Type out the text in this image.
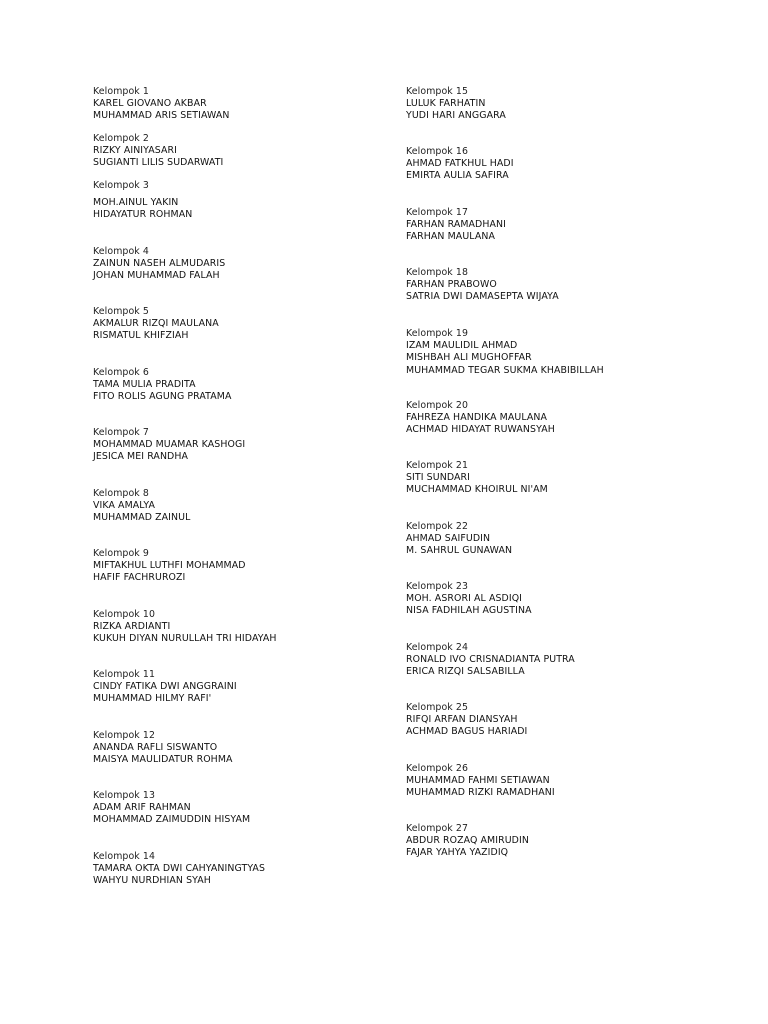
Kelompok 1
KAREL GIOVANO AKBAR
MUHAMMAD ARIS SETIAWAN
Kelompok 2
RIZKY AINIYASARI
SUGIANTI LILIS SUDARWATI
Kelompok 3
MOH.AINUL YAKIN
HIDAYATUR ROHMAN
Kelompok 4
ZAINUN NASEH ALMUDARIS
JOHAN MUHAMMAD FALAH
Kelompok 5
AKMALUR RIZQI MAULANA
RISMATUL KHIFZIAH
Kelompok 6
TAMA MULIA PRADITA
FITO ROLIS AGUNG PRATAMA
Kelompok 7
MOHAMMAD MUAMAR KASHOGI
JESICA MEI RANDHA
Kelompok 8
VIKA AMALYA
MUHAMMAD ZAINUL
Kelompok 9
MIFTAKHUL LUTHFI MOHAMMAD
HAFIF FACHRUROZI
Kelompok 10
RIZKA ARDIANTI
KUKUH DIYAN NURULLAH TRI HIDAYAH
Kelompok 11
CINDY FATIKA DWI ANGGRAINI
MUHAMMAD HILMY RAFI'
Kelompok 12
ANANDA RAFLI SISWANTO
MAISYA MAULIDATUR ROHMA
Kelompok 13
ADAM ARIF RAHMAN
MOHAMMAD ZAIMUDDIN HISYAM
Kelompok 14
TAMARA OKTA DWI CAHYANINGTYAS
WAHYU NURDHIAN SYAH
Kelompok 15
LULUK FARHATIN
YUDI HARI ANGGARA
Kelompok 16
AHMAD FATKHUL HADI
EMIRTA AULIA SAFIRA
Kelompok 17
FARHAN RAMADHANI
FARHAN MAULANA
Kelompok 18
FARHAN PRABOWO
SATRIA DWI DAMASEPTA WIJAYA
Kelompok 19
IZAM MAULIDIL AHMAD
MISHBAH ALI MUGHOFFAR
MUHAMMAD TEGAR SUKMA KHABIBILLAH
Kelompok 20
FAHREZA HANDIKA MAULANA
ACHMAD HIDAYAT RUWANSYAH
Kelompok 21
SITI SUNDARI
MUCHAMMAD KHOIRUL NI'AM
Kelompok 22
AHMAD SAIFUDIN
M. SAHRUL GUNAWAN
Kelompok 23
MOH. ASRORI AL ASDIQI
NISA FADHILAH AGUSTINA
Kelompok 24
RONALD IVO CRISNADIANTA PUTRA
ERICA RIZQI SALSABILLA
Kelompok 25
RIFQI ARFAN DIANSYAH
ACHMAD BAGUS HARIADI
Kelompok 26
MUHAMMAD FAHMI SETIAWAN
MUHAMMAD RIZKI RAMADHANI
Kelompok 27
ABDUR ROZAQ AMIRUDIN
FAJAR YAHYA YAZIDIQ
